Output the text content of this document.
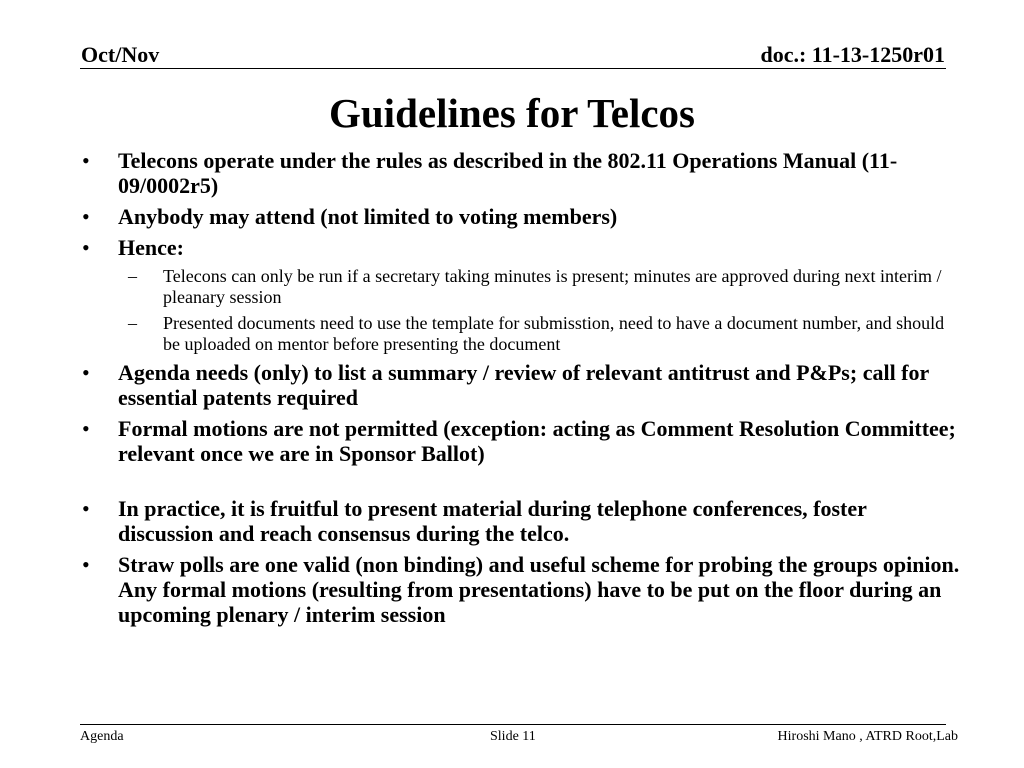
Oct/Nov	doc.: 11-13-1250r01
Guidelines for Telcos
• Telecons operate under the rules as described in the 802.11 Operations Manual (11-09/0002r5)
• Anybody may attend (not limited to voting members)
• Hence:
– Telecons can only be run if a secretary taking minutes is present; minutes are approved during next interim / pleanary session
– Presented documents need to use the template for submisstion, need to have a document number, and should be uploaded on mentor before presenting the document
• Agenda needs (only) to list a summary / review of relevant antitrust and P&Ps; call for essential patents required
• Formal motions are not permitted (exception: acting as Comment Resolution Committee; relevant once we are in Sponsor Ballot)
• In practice, it is fruitful to present material during telephone conferences, foster discussion and reach consensus during the telco.
• Straw polls are one valid (non binding) and useful scheme for probing the groups opinion. Any formal motions (resulting from presentations) have to be put on the floor during an upcoming plenary / interim session
Agenda	Slide 11	Hiroshi Mano , ATRD Root,Lab
